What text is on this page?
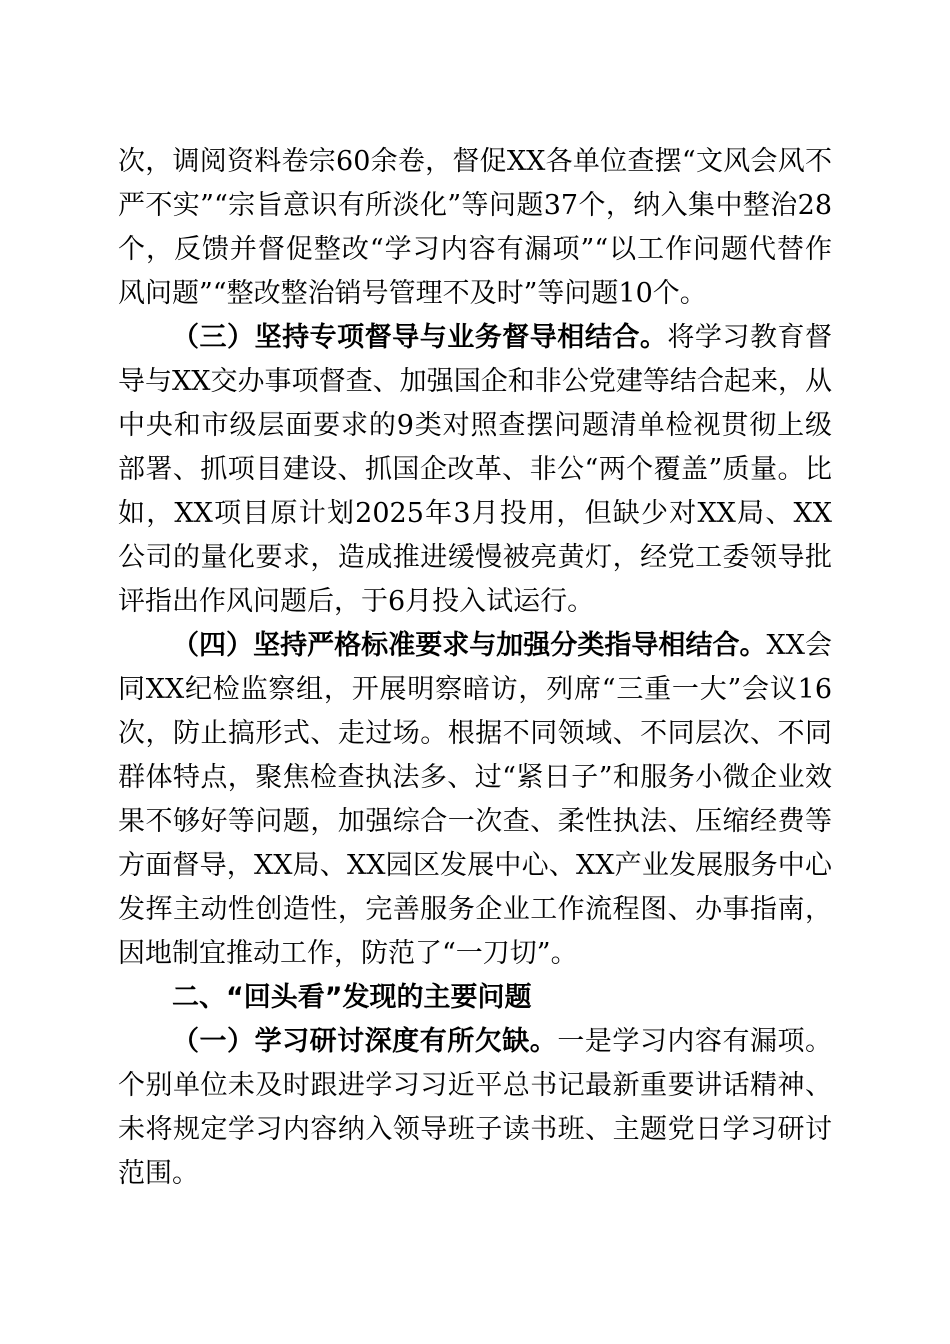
次，调阅资料卷宗60余卷，督促XX各单位查摆“文风会风不严不实”“宗旨意识有所淡化”等问题37个，纳入集中整治28个，反馈并督促整改“学习内容有漏项”“以工作问题代替作风问题”“整改整治销号管理不及时”等问题10个。

（三）坚持专项督导与业务督导相结合。将学习教育督导与XX交办事项督查、加强国企和非公党建等结合起来，从中央和市级层面要求的9类对照查摆问题清单检视贯彻上级部署、抓项目建设、抓国企改革、非公“两个覆盖”质量。比如，XX项目原计划2025年3月投用，但缺少对XX局、XX公司的量化要求，造成推进缓慢被亮黄灯，经党工委领导批评指出作风问题后，于6月投入试运行。

（四）坚持严格标准要求与加强分类指导相结合。XX会同XX纪检监察组，开展明察暗访，列席“三重一大”会议16次，防止搞形式、走过场。根据不同领域、不同层次、不同群体特点，聚焦检查执法多、过“紧日子”和服务小微企业效果不够好等问题，加强综合一次查、柔性执法、压缩经费等方面督导，XX局、XX园区发展中心、XX产业发展服务中心发挥主动性创造性，完善服务企业工作流程图、办事指南，因地制宜推动工作，防范了“一刀切”。

二、“回头看”发现的主要问题

（一）学习研讨深度有所欠缺。一是学习内容有漏项。个别单位未及时跟进学习习近平总书记最新重要讲话精神、未将规定学习内容纳入领导班子读书班、主题党日学习研讨范围。
